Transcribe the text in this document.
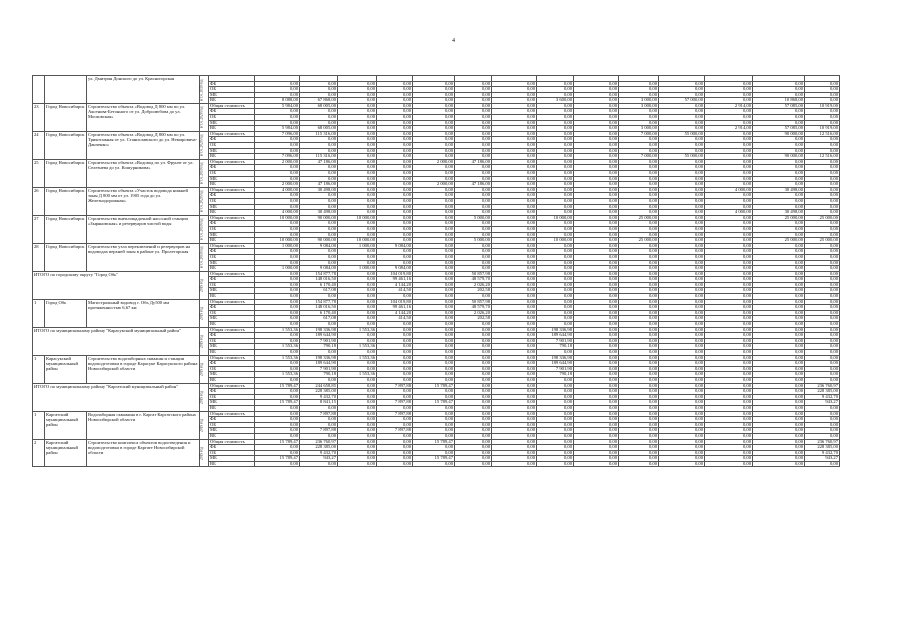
4
		ул. Дмитрия Донского до ул. Красногорская	в т.ч. 2019 год															
				ФБ	0,00	0,00	0,00	0,00	0,00	0,00	0,00	0,00	0,00	0,00	0,00	0,00	0,00	0,00
				ОБ	0,00	0,00	0,00	0,00	0,00	0,00	0,00	0,00	0,00	0,00	0,00	0,00	0,00	0,00
				МБ	0,00	0,00	0,00	0,00	0,00	0,00	0,00	0,00	0,00	0,00	0,00	0,00	0,00	0,00
				ВБ	8 088,00	67 868,00	0,00	0,00	0,00	0,00	0,00	3 600,00	0,00	3 000,00	57 000,00	0,00	10 868,00	0,00
23	Город Новосибирск	Строительство объекта «Водовод Д 800 мм по ул. Аксенова-Бетонного от ул. Добролюбова до ул. Московская»	в т.ч. 2020 год	Общая стоимость	5 984,00	68 005,00	0,00	0,00	0,00	0,00	0,00	0,00	0,00	3 000,00	0,00	2 914,00	57 085,00	10 919,00
				ФБ	0,00	0,00	0,00	0,00	0,00	0,00	0,00	0,00	0,00	0,00	0,00	0,00	0,00	0,00
				ОБ	0,00	0,00	0,00	0,00	0,00	0,00	0,00	0,00	0,00	0,00	0,00	0,00	0,00	0,00
				МБ	0,00	0,00	0,00	0,00	0,00	0,00	0,00	0,00	0,00	0,00	0,00	0,00	0,00	0,00
				ВБ	5 984,00	68 005,00	0,00	0,00	0,00	0,00	0,00	0,00	0,00	3 000,00	0,00	2 914,00	57 085,00	10 919,00
24	Город Новосибирск	Строительство объекта «Водовод Д 800 мм по ул. Трикотажная от ул. Станиславского до ул. Немировича-Данченко»	в т.ч. 2020 год	Общая стоимость	7 096,00	115 316,00	0,00	0,00	0,00	0,00	0,00	0,00	0,00	7 000,00	55 000,00	0,00	90 000,00	12 516,00
				ФБ	0,00	0,00	0,00	0,00	0,00	0,00	0,00	0,00	0,00	0,00	0,00	0,00	0,00	0,00
				ОБ	0,00	0,00	0,00	0,00	0,00	0,00	0,00	0,00	0,00	0,00	0,00	0,00	0,00	0,00
				МБ	0,00	0,00	0,00	0,00	0,00	0,00	0,00	0,00	0,00	0,00	0,00	0,00	0,00	0,00
				ВБ	7 096,00	115 316,00	0,00	0,00	0,00	0,00	0,00	0,00	0,00	7 000,00	55 000,00	0,00	90 000,00	12 516,00
25	Город Новосибирск	Строительство объекта «Водовод по ул. Фрунзе от ул. Селезнева до ул. Кошурникова»	в т.ч. 2019 год	Общая стоимость	2 000,00	47 186,00	0,00	0,00	2 000,00	47 186,00	0,00	0,00	0,00	0,00	0,00	0,00	0,00	0,00
				ФБ	0,00	0,00	0,00	0,00	0,00	0,00	0,00	0,00	0,00	0,00	0,00	0,00	0,00	0,00
				ОБ	0,00	0,00	0,00	0,00	0,00	0,00	0,00	0,00	0,00	0,00	0,00	0,00	0,00	0,00
				МБ	0,00	0,00	0,00	0,00	0,00	0,00	0,00	0,00	0,00	0,00	0,00	0,00	0,00	0,00
				ВБ	2 000,00	47 186,00	0,00	0,00	2 000,00	47 186,00	0,00	0,00	0,00	0,00	0,00	0,00	0,00	0,00
26	Город Новосибирск	Строительство объекта «Участок водовода нижней зоны Д 800 мм от ул. 1905 года до ул. Железнодорожная»	в т.ч. 2020 год	Общая стоимость	4 000,00	30 498,00	0,00	0,00	0,00	0,00	0,00	0,00	0,00	0,00	0,00	4 000,00	30 498,00	0,00
				ФБ	0,00	0,00	0,00	0,00	0,00	0,00	0,00	0,00	0,00	0,00	0,00	0,00	0,00	0,00
				ОБ	0,00	0,00	0,00	0,00	0,00	0,00	0,00	0,00	0,00	0,00	0,00	0,00	0,00	0,00
				МБ	0,00	0,00	0,00	0,00	0,00	0,00	0,00	0,00	0,00	0,00	0,00	0,00	0,00	0,00
				ВБ	4 000,00	30 498,00	0,00	0,00	0,00	0,00	0,00	0,00	0,00	0,00	0,00	4 000,00	30 498,00	0,00
27	Город Новосибирск	Строительство внеплощадочной насосной станции «Зыряновская» и резервуаров чистой воды	в т.ч. 2019 год	Общая стоимость	10 000,00	90 000,00	10 000,00	0,00	0,00	5 000,00	0,00	10 000,00	0,00	25 000,00	0,00	0,00	25 000,00	25 000,00
				ФБ	0,00	0,00	0,00	0,00	0,00	0,00	0,00	0,00	0,00	0,00	0,00	0,00	0,00	0,00
				ОБ	0,00	0,00	0,00	0,00	0,00	0,00	0,00	0,00	0,00	0,00	0,00	0,00	0,00	0,00
				МБ	0,00	0,00	0,00	0,00	0,00	0,00	0,00	0,00	0,00	0,00	0,00	0,00	0,00	0,00
				ВБ	10 000,00	90 000,00	10 000,00	0,00	0,00	5 000,00	0,00	10 000,00	0,00	25 000,00	0,00	0,00	25 000,00	25 000,00
28	Город Новосибирск	Строительство узла переключений и резервуаров на водоводах верхней зоны в районе ул. Пролетарская	в т.ч. 2019 год	Общая стоимость	1 000,00	9 084,00	1 000,00	9 084,00	0,00	0,00	0,00	0,00	0,00	0,00	0,00	0,00	0,00	0,00
				ФБ	0,00	0,00	0,00	0,00	0,00	0,00	0,00	0,00	0,00	0,00	0,00	0,00	0,00	0,00
				ОБ	0,00	0,00	0,00	0,00	0,00	0,00	0,00	0,00	0,00	0,00	0,00	0,00	0,00	0,00
				МБ	0,00	0,00	0,00	0,00	0,00	0,00	0,00	0,00	0,00	0,00	0,00	0,00	0,00	0,00
				ВБ	1 000,00	9 084,00	1 000,00	9 084,00	0,00	0,00	0,00	0,00	0,00	0,00	0,00	0,00	0,00	0,00
ИТОГО по городскому округу "Город Обь"			2019 год	Общая стоимость	0,00	154 877,78	0,00	104 019,80	0,00	50 857,98	0,00	0,00	0,00	0,00	0,00	0,00	0,00	0,00
				ФБ	0,00	148 016,50	0,00	99 461,16	0,00	48 579,70	0,00	0,00	0,00	0,00	0,00	0,00	0,00	0,00
				ОБ	0,00	6 170,40	0,00	4 144,20	0,00	2 026,20	0,00	0,00	0,00	0,00	0,00	0,00	0,00	0,00
				МБ	0,00	617,08	0,00	414,50	0,00	202,58	0,00	0,00	0,00	0,00	0,00	0,00	0,00	0,00
				ВБ	0,00	0,00	0,00	0,00	0,00	0,00	0,00	0,00	0,00	0,00	0,00	0,00	0,00	0,00
1	Город Обь	Магистральный водовод г. Обь Ду500 мм протяженностью 6,67 км	2019 год	Общая стоимость	0,00	154 877,78	0,00	104 019,80	0,00	50 857,98	0,00	0,00	0,00	0,00	0,00	0,00	0,00	0,00
				ФБ	0,00	148 016,50	0,00	99 461,16	0,00	48 579,70	0,00	0,00	0,00	0,00	0,00	0,00	0,00	0,00
				ОБ	0,00	6 170,40	0,00	4 144,20	0,00	2 026,20	0,00	0,00	0,00	0,00	0,00	0,00	0,00	0,00
				МБ	0,00	617,08	0,00	414,50	0,00	202,58	0,00	0,00	0,00	0,00	0,00	0,00	0,00	0,00
				ВБ	0,00	0,00	0,00	0,00	0,00	0,00	0,00	0,00	0,00	0,00	0,00	0,00	0,00	0,00
ИТОГО по муниципальному району "Карасукский муниципальный район"			2019 год	Общая стоимость	1 553,36	198 336,98	1 553,36	0,00	0,00	0,00	0,00	198 336,98	0,00	0,00	0,00	0,00	0,00	0,00
				ФБ	0,00	189 644,90	0,00	0,00	0,00	0,00	0,00	189 644,90	0,00	0,00	0,00	0,00	0,00	0,00
				ОБ	0,00	7 901,90	0,00	0,00	0,00	0,00	0,00	7 901,90	0,00	0,00	0,00	0,00	0,00	0,00
				МБ	1 553,36	790,18	1 553,36	0,00	0,00	0,00	0,00	790,18	0,00	0,00	0,00	0,00	0,00	0,00
				ВБ	0,00	0,00	0,00	0,00	0,00	0,00	0,00	0,00	0,00	0,00	0,00	0,00	0,00	0,00
1	Карасукский муниципальный район	Строительство водозаборных скважин и станции водоподготовки в городе Карасуке Карасукского района Новосибирской области	2019 год	Общая стоимость	1 553,36	198 336,98	1 553,36	0,00	0,00	0,00	0,00	198 336,98	0,00	0,00	0,00	0,00	0,00	0,00
				ФБ	0,00	189 644,90	0,00	0,00	0,00	0,00	0,00	189 644,90	0,00	0,00	0,00	0,00	0,00	0,00
				ОБ	0,00	7 901,90	0,00	0,00	0,00	0,00	0,00	7 901,90	0,00	0,00	0,00	0,00	0,00	0,00
				МБ	1 553,36	790,18	1 553,36	0,00	0,00	0,00	0,00	790,18	0,00	0,00	0,00	0,00	0,00	0,00
				ВБ	0,00	0,00	0,00	0,00	0,00	0,00	0,00	0,00	0,00	0,00	0,00	0,00	0,00	0,00
ИТОГО по муниципальному району "Каргатский муниципальный район"			2019 год	Общая стоимость	15 789,47	244 658,85	0,00	7 897,88	15 789,47	0,00	0,00	0,00	0,00	0,00	0,00	0,00	0,00	236 760,97
				ФБ	0,00	228 385,00	0,00	0,00	0,00	0,00	0,00	0,00	0,00	0,00	0,00	0,00	0,00	228 385,00
				ОБ	0,00	9 432,70	0,00	0,00	0,00	0,00	0,00	0,00	0,00	0,00	0,00	0,00	0,00	9 432,70
				МБ	15 789,47	8 841,15	0,00	7 897,88	15 789,47	0,00	0,00	0,00	0,00	0,00	0,00	0,00	0,00	943,27
				ВБ	0,00	0,00	0,00	0,00	0,00	0,00	0,00	0,00	0,00	0,00	0,00	0,00	0,00	0,00
1	Каргатский муниципальный район	Водозаборная скважина в г. Каргат Каргатского района Новосибирской области	2019 год	Общая стоимость	0,00	7 897,88	0,00	7 897,88	0,00	0,00	0,00	0,00	0,00	0,00	0,00	0,00	0,00	0,00
				ФБ	0,00	0,00	0,00	0,00	0,00	0,00	0,00	0,00	0,00	0,00	0,00	0,00	0,00	0,00
				ОБ	0,00	0,00	0,00	0,00	0,00	0,00	0,00	0,00	0,00	0,00	0,00	0,00	0,00	0,00
				МБ	0,00	7 897,88	0,00	7 897,88	0,00	0,00	0,00	0,00	0,00	0,00	0,00	0,00	0,00	0,00
				ВБ	0,00	0,00	0,00	0,00	0,00	0,00	0,00	0,00	0,00	0,00	0,00	0,00	0,00	0,00
2	Каргатский муниципальный район	Строительство комплекса объектов водоотведения и водоподготовки в городе Каргате Новосибирской области	2019 год	Общая стоимость	15 789,47	236 760,97	0,00	0,00	15 789,47	0,00	0,00	0,00	0,00	0,00	0,00	0,00	0,00	236 760,97
				ФБ	0,00	228 385,00	0,00	0,00	0,00	0,00	0,00	0,00	0,00	0,00	0,00	0,00	0,00	228 385,00
				ОБ	0,00	9 432,70	0,00	0,00	0,00	0,00	0,00	0,00	0,00	0,00	0,00	0,00	0,00	9 432,70
				МБ	15 789,47	943,27	0,00	0,00	15 789,47	0,00	0,00	0,00	0,00	0,00	0,00	0,00	0,00	943,27
				ВБ	0,00	0,00	0,00	0,00	0,00	0,00	0,00	0,00	0,00	0,00	0,00	0,00	0,00	0,00
